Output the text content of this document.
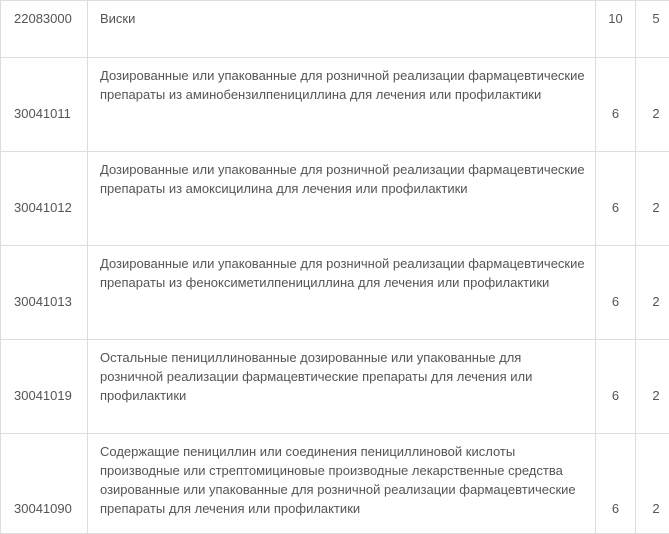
22083000	Виски	10	5
30041011	Дозированные или упакованные для розничной реализации фармацевтические препараты из аминобензилпенициллина для лечения или профилактики	6	2
30041012	Дозированные или упакованные для розничной реализации фармацевтические препараты из амоксицилина для лечения или профилактики	6	2
30041013	Дозированные или упакованные для розничной реализации фармацевтические препараты из феноксиметилпенициллина для лечения или профилактики	6	2
30041019	Остальные пенициллинованные дозированные или упакованные для розничной реализации фармацевтические препараты для лечения или профилактики	6	2
30041090	Содержащие пенициллин или соединения пенициллиновой кислоты производные или стрептомициновые производные лекарственные средства озированные или упакованные для розничной реализации фармацевтические препараты для лечения или профилактики	6	2
